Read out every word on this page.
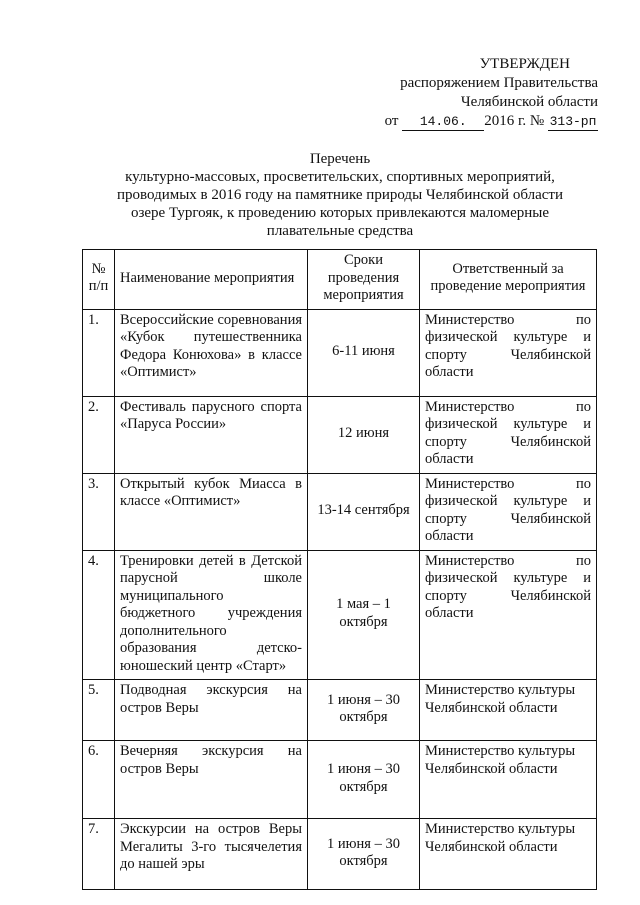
УТВЕРЖДЕН
распоряжением Правительства
Челябинской области
от 14.06. 2016 г. № 313-рп
Перечень
культурно-массовых, просветительских, спортивных мероприятий,
проводимых в 2016 году на памятнике природы Челябинской области
озере Тургояк, к проведению которых привлекаются маломерные
плавательные средства
№ п/п	Наименование мероприятия	Сроки проведения мероприятия	Ответственный за проведение мероприятия
1.	Всероссийские соревнования «Кубок путешественника Федора Конюхова» в классе «Оптимист»	6-11 июня	Министерство по физической культуре и спорту Челябинской области
2.	Фестиваль парусного спорта «Паруса России»	12 июня	Министерство по физической культуре и спорту Челябинской области
3.	Открытый кубок Миасса в классе «Оптимист»	13-14 сентября	Министерство по физической культуре и спорту Челябинской области
4.	Тренировки детей в Детской парусной школе муниципального бюджетного учреждения дополнительного образования детско-юношеский центр «Старт»	1 мая – 1 октября	Министерство по физической культуре и спорту Челябинской области
5.	Подводная экскурсия на остров Веры	1 июня – 30 октября	Министерство культуры Челябинской области
6.	Вечерняя экскурсия на остров Веры	1 июня – 30 октября	Министерство культуры Челябинской области
7.	Экскурсии на остров Веры Мегалиты 3-го тысячелетия до нашей эры	1 июня – 30 октября	Министерство культуры Челябинской области
